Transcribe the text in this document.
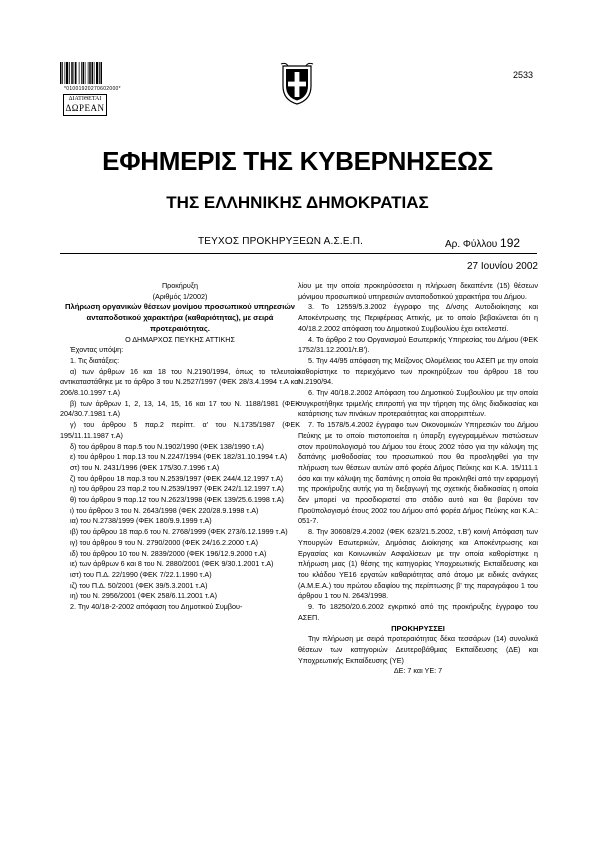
*01001920270602000*
ΔΙΑΤΙΘΕΤΑΙ
ΔΩΡΕΑΝ
2533
ΕΦΗΜΕΡΙΣ ΤΗΣ ΚΥΒΕΡΝΗΣΕΩΣ
ΤΗΣ ΕΛΛΗΝΙΚΗΣ ΔΗΜΟΚΡΑΤΙΑΣ
ΤΕΥΧΟΣ ΠΡΟΚΗΡΥΞΕΩΝ Α.Σ.Ε.Π.	Αρ. Φύλλου 192
27 Ιουνίου 2002

Προκήρυξη

(Αριθμός 1/2002)

Πλήρωση οργανικών θέσεων μονίμου προσωπικού υπηρεσιών ανταποδοτικού χαρακτήρα (καθαριότητας), με σειρά προτεραιότητας.

Ο ΔΗΜΑΡΧΟΣ ΠΕΥΚΗΣ ΑΤΤΙΚΗΣ

Έχοντας υπόψη:

1. Τις διατάξεις:

α) των άρθρων 16 και 18 του Ν.2190/1994, όπως το τελευταίο αντικαταστάθηκε με το άρθρο 3 του Ν.2527/1997 (ΦΕΚ 28/3.4.1994 τ.Α και 206/8.10.1997 τ.Α)

β) των άρθρων 1, 2, 13, 14, 15, 16 και 17 του Ν. 1188/1981 (ΦΕΚ 204/30.7.1981 τ.Α)

γ) του άρθρου 5 παρ.2 περίπτ. α' του Ν.1735/1987 (ΦΕΚ 195/11.11.1987 τ.Α)

δ) του άρθρου 8 παρ.5 του Ν.1902/1990 (ΦΕΚ 138/1990 τ.Α)

ε) του άρθρου 1 παρ.13 του Ν.2247/1994 (ΦΕΚ 182/31.10.1994 τ.Α)

στ) του Ν. 2431/1996 (ΦΕΚ 175/30.7.1996 τ.Α)

ζ) του άρθρου 18 παρ.3 του Ν.2539/1997 (ΦΕΚ 244/4.12.1997 τ.Α)

η) του άρθρου 23 παρ.2 του Ν.2539/1997 (ΦΕΚ 242/1.12.1997 τ.Α)

θ) του άρθρου 9 παρ.12 του Ν.2623/1998 (ΦΕΚ 139/25.6.1998 τ.Α)

ι) του άρθρου 3 του Ν. 2643/1998 (ΦΕΚ 220/28.9.1998 τ.Α)

ια) του Ν.2738/1999 (ΦΕΚ 180/9.9.1999 τ.Α)

ιβ) του άρθρου 18 παρ.6 του Ν. 2768/1999 (ΦΕΚ 273/6.12.1999 τ.Α)

ιγ) του άρθρου 9 του Ν. 2790/2000 (ΦΕΚ 24/16.2.2000 τ.Α)

ιδ) του άρθρου 10 του Ν. 2839/2000 (ΦΕΚ 196/12.9.2000 τ.Α)

ιε) των άρθρων 6 και 8 του Ν. 2880/2001 (ΦΕΚ 9/30.1.2001 τ.Α)

ιστ) του Π.Δ. 22/1990 (ΦΕΚ 7/22.1.1990 τ.Α)

ιζ) του Π.Δ. 50/2001 (ΦΕΚ 39/5.3.2001 τ.Α)

ιη) του Ν. 2956/2001 (ΦΕΚ 258/6.11.2001 τ.Α)

2. Την 40/18-2-2002 απόφαση του Δημοτικού Συμβου-

λίου με την οποία προκηρύσσεται η πλήρωση δεκαπέντε (15) θέσεων μόνιμου προσωπικού υπηρεσιών ανταποδοτικού χαρακτήρα του Δήμου.

3. Το 12559/5.3.2002 έγγραφο της Δ/νσης Αυτοδιοίκησης και Αποκέντρωσης της Περιφέρειας Αττικής, με το οποίο βεβαιώνεται ότι η 40/18.2.2002 απόφαση του Δημοτικού Συμβουλίου έχει εκτελεστεί.

4. Το άρθρο 2 του Οργανισμού Εσωτερικής Υπηρεσίας του Δήμου (ΦΕΚ 1752/31.12.2001/τ.Β').

5. Την 44/95 απόφαση της Μείζονος Ολομέλειας του ΑΣΕΠ με την οποία καθορίστηκε το περιεχόμενο των προκηρύξεων του άρθρου 18 του Ν.2190/94.

6. Την 40/18.2.2002 Απόφαση του Δημοτικού Συμβουλίου με την οποία συγκροτήθηκε τριμελής επιτροπή για την τήρηση της όλης διαδικασίας και κατάρτισης των πινάκων προτεραιότητας και απορριπτέων.

7. Το 1578/5.4.2002 έγγραφο των Οικονομικών Υπηρεσιών του Δήμου Πεύκης με το οποίο πιστοποιείται η ύπαρξη εγγεγραμμένων πιστώσεων στον προϋπολογισμό του Δήμου του έτους 2002 τόσο για την κάλυψη της δαπάνης μισθοδοσίας του προσωπικού που θα προσληφθεί για την πλήρωση των θέσεων αυτών από φορέα Δήμος Πεύκης και Κ.Α. 15/111.1 όσο και την κάλυψη της δαπάνης η οποία θα προκληθεί από την εφαρμογή της προκήρυξης αυτής για τη διεξαγωγή της σχετικής διαδικασίας η οποία δεν μπορεί να προσδιοριστεί στο στάδιο αυτό και θα βαρύνει τον Προϋπολογισμό έτους 2002 του Δήμου από φορέα Δήμος Πεύκης και Κ.Α.: 051-7.

8. Την 30608/29.4.2002 (ΦΕΚ 623/21.5.2002, τ.Β') κοινή Απόφαση των Υπουργών Εσωτερικών, Δημόσιας Διοίκησης και Αποκέντρωσης και Εργασίας και Κοινωνικών Ασφαλίσεων με την οποία καθορίστηκε η πλήρωση μιας (1) θέσης της κατηγορίας Υποχρεωτικής Εκπαίδευσης και του κλάδου ΥΕ16 εργατών καθαριότητας από άτομο με ειδικές ανάγκες (Α.Μ.Ε.Α.) του πρώτου εδαφίου της περίπτωσης β' της παραγράφου 1 του άρθρου 1 του Ν. 2643/1998.

9. Το 18250/20.6.2002 εγκριτικό από της προκήρυξης έγγραφο του ΑΣΕΠ.

ΠΡΟΚΗΡΥΣΣΕΙ

Την πλήρωση με σειρά προτεραιότητας δέκα τεσσάρων (14) συνολικά θέσεων των κατηγοριών Δευτεροβάθμιας Εκπαίδευσης (ΔΕ) και Υποχρεωτικής Εκπαίδευσης (ΥΕ)

ΔΕ: 7 και ΥΕ: 7
